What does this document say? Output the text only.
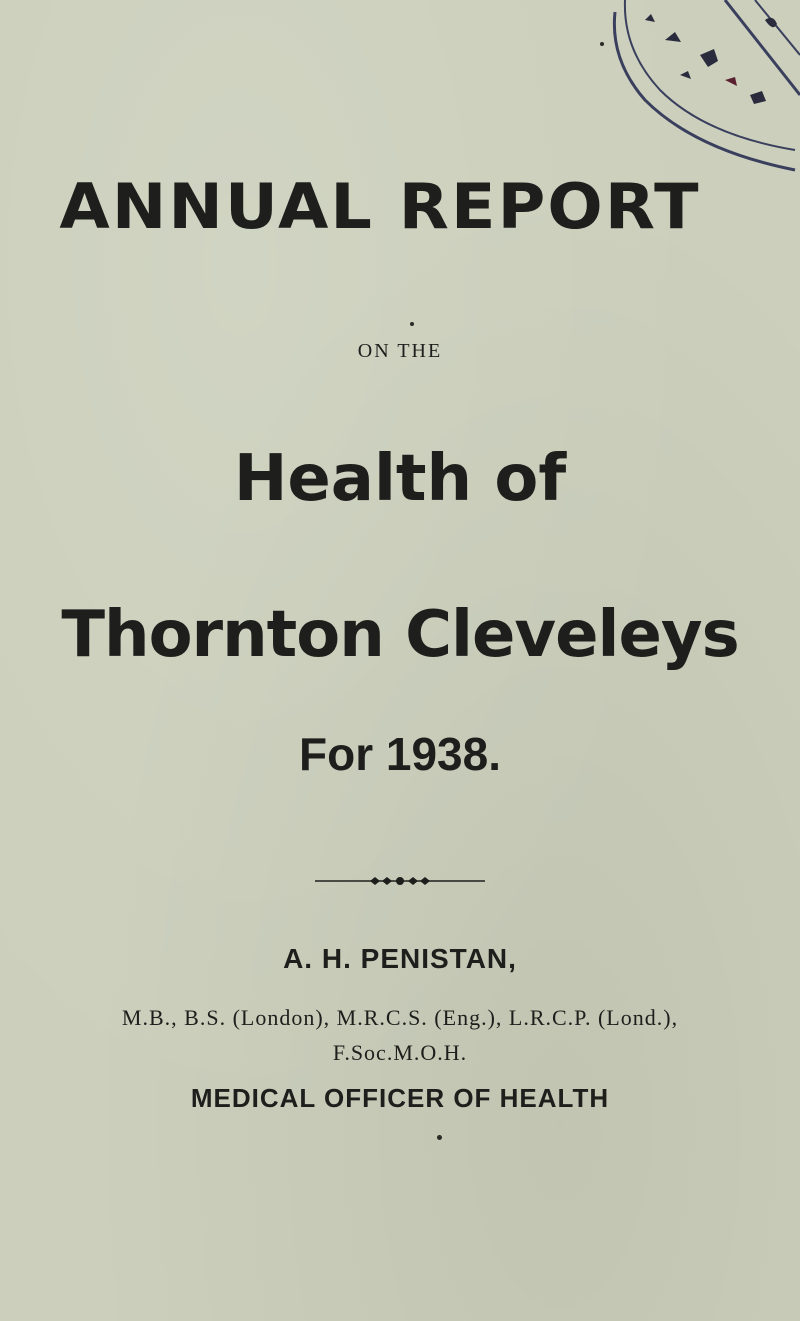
ANNUAL REPORT
ON THE
Health of
Thornton Cleveleys
For 1938.
A. H. PENISTAN,
M.B., B.S. (London), M.R.C.S. (Eng.), L.R.C.P. (Lond.),
F.Soc.M.O.H.
MEDICAL OFFICER OF HEALTH
